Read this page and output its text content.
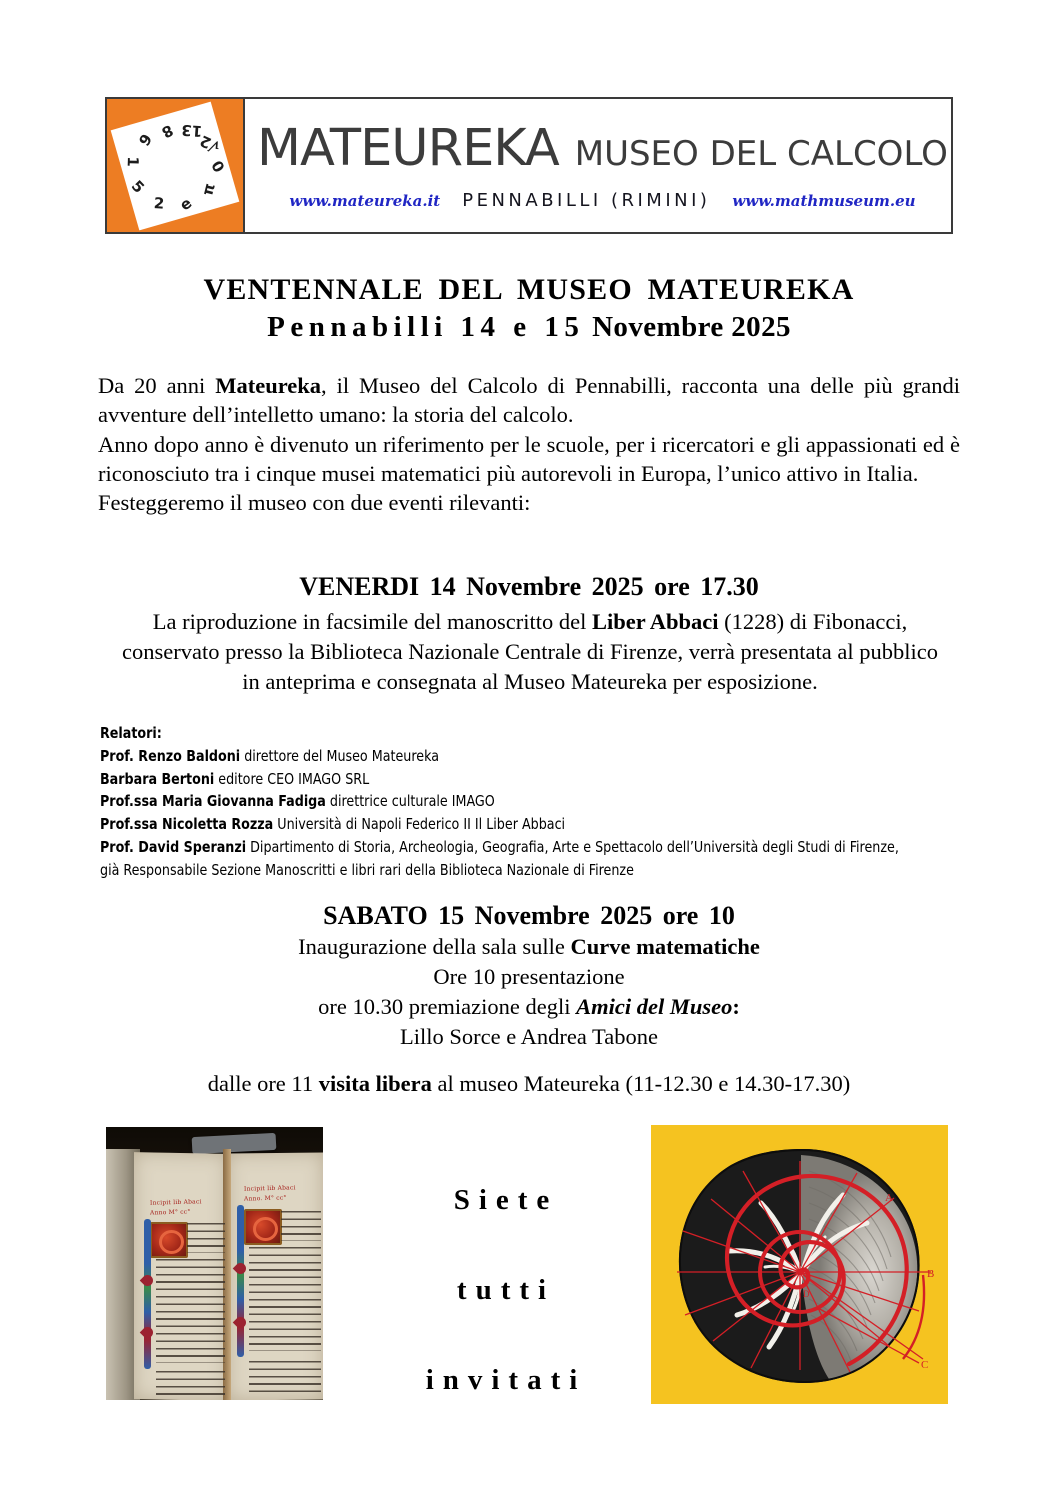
8 13
√2
0
π
e
2
5
1
6 MATEUREKA MUSEO DEL CALCOLO
www.mateureka.it PENNABILLI (RIMINI) www.mathmuseum.eu
VENTENNALE DEL MUSEO MATEUREKA
Pennabilli 14 e 15 Novembre 2025

Da 20 anni Mateureka, il Museo del Calcolo di Pennabilli, racconta una delle più grandi avventure dell’intelletto umano: la storia del calcolo.

Anno dopo anno è divenuto un riferimento per le scuole, per i ricercatori e gli appassionati ed è riconosciuto tra i cinque musei matematici più autorevoli in Europa, l’unico attivo in Italia.

Festeggeremo il museo con due eventi rilevanti:

VENERDI 14 Novembre 2025 ore 17.30
La riproduzione in facsimile del manoscritto del Liber Abbaci (1228) di Fibonacci, conservato presso la Biblioteca Nazionale Centrale di Firenze, verrà presentata al pubblico in anteprima e consegnata al Museo Mateureka per esposizione.
Relatori:
Prof. Renzo Baldoni direttore del Museo Mateureka
Barbara Bertoni editore CEO IMAGO SRL
Prof.ssa Maria Giovanna Fadiga direttrice culturale IMAGO
Prof.ssa Nicoletta Rozza Università di Napoli Federico II Il Liber Abbaci
Prof. David Speranzi Dipartimento di Storia, Archeologia, Geografia, Arte e Spettacolo dell’Università degli Studi di Firenze, già Responsabile Sezione Manoscritti e libri rari della Biblioteca Nazionale di Firenze
SABATO 15 Novembre 2025 ore 10
Inaugurazione della sala sulle Curve matematiche
Ore 10 presentazione
ore 10.30 premiazione degli Amici del Museo:
Lillo Sorce e Andrea Tabone
dalle ore 11 visita libera al museo Mateureka (11-12.30 e 14.30-17.30)
Incipit lib Abaci
Anno M° cc°
Incipit lib Abaci
Anno. M° cc°	Siete
tutti
invitati
A
B
C
D
